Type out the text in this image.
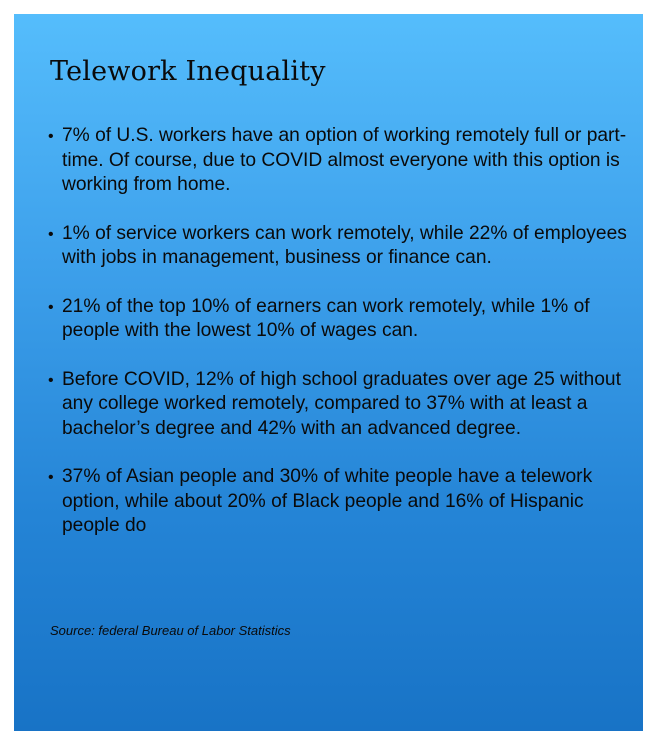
Telework Inequality
• 7% of U.S. workers have an option of working remotely full or part-time. Of course, due to COVID almost everyone with this option is working from home.
• 1% of service workers can work remotely, while 22% of employees with jobs in management, business or finance can.
• 21% of the top 10% of earners can work remotely, while 1% of people with the lowest 10% of wages can.
• Before COVID, 12% of high school graduates over age 25 without any college worked remotely, compared to 37% with at least a bachelor’s degree and 42% with an advanced degree.
• 37% of Asian people and 30% of white people have a telework option, while about 20% of Black people and 16% of Hispanic people do

Source: federal Bureau of Labor Statistics
